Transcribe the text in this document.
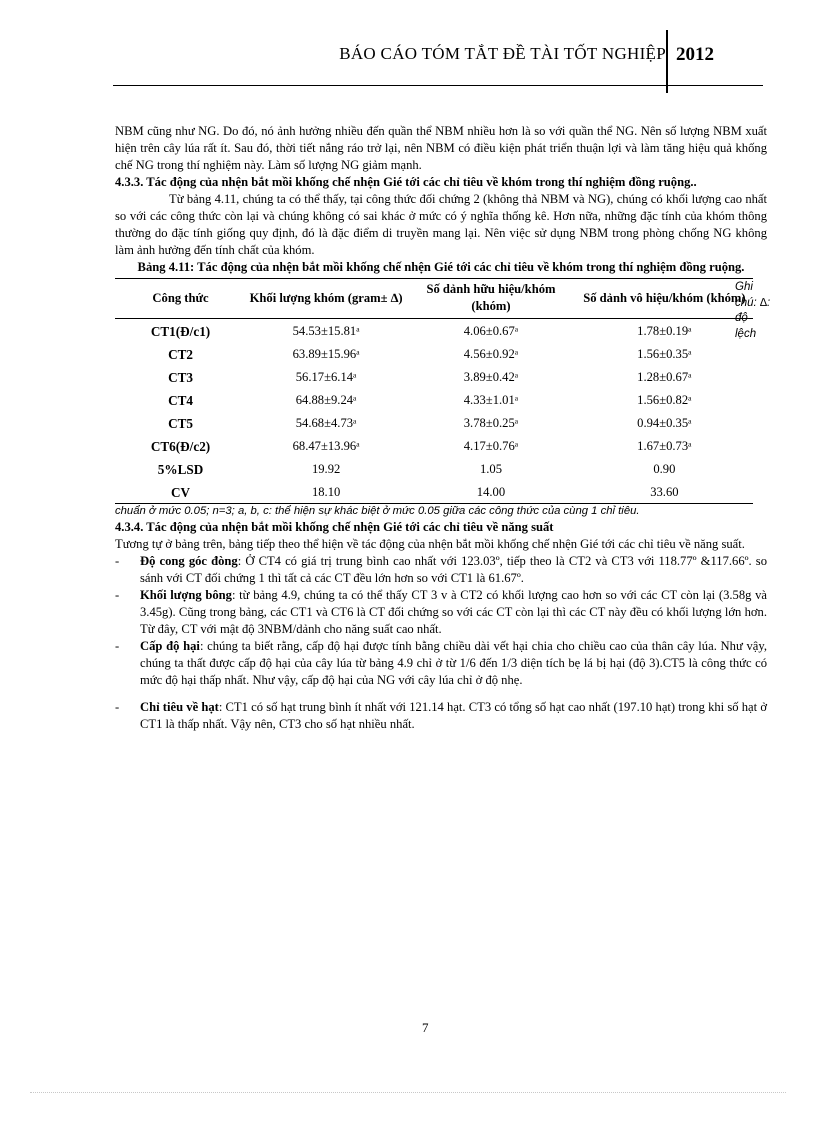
BÁO CÁO TÓM TẮT ĐỀ TÀI TỐT NGHIỆP 2012

NBM cũng như NG. Do đó, nó ảnh hưởng nhiều đến quần thể NBM nhiều hơn là so với quần thể NG. Nên số lượng NBM xuất hiện trên cây lúa rất ít. Sau đó, thời tiết nắng ráo trở lại, nên NBM có điều kiện phát triển thuận lợi và làm tăng hiệu quả khống chế NG trong thí nghiệm này. Làm số lượng NG giảm mạnh.

4.3.3. Tác động của nhện bắt mồi khống chế nhện Gié tới các chỉ tiêu về khóm trong thí nghiệm đồng ruộng..

Từ bảng 4.11, chúng ta có thể thấy, tại công thức đối chứng 2 (không thả NBM và NG), chúng có khối lượng cao nhất so với các công thức còn lại và chúng không có sai khác ở mức có ý nghĩa thống kê. Hơn nữa, những đặc tính của khóm thông thường do đặc tính giống quy định, đó là đặc điểm di truyền mang lại. Nên việc sử dụng NBM trong phòng chống NG không làm ảnh hưởng đến tính chất của khóm.

Bảng 4.11: Tác động của nhện bắt mồi khống chế nhện Gié tới các chỉ tiêu về khóm trong thí nghiệm đồng ruộng.

Công thức	Khối lượng khóm (gram± ∆)	Số dảnh hữu hiệu/khóm (khóm)	Số dảnh vô hiệu/khóm (khóm)
CT1(Đ/c1)	54.53±15.81ᵃ	4.06±0.67ᵃ	1.78±0.19ᵃ
CT2	63.89±15.96ᵃ	4.56±0.92ᵃ	1.56±0.35ᵃ
CT3	56.17±6.14ᵃ	3.89±0.42ᵃ	1.28±0.67ᵃ
CT4	64.88±9.24ᵃ	4.33±1.01ᵃ	1.56±0.82ᵃ
CT5	54.68±4.73ᵃ	3.78±0.25ᵃ	0.94±0.35ᵃ
CT6(Đ/c2)	68.47±13.96ᵃ	4.17±0.76ᵃ	1.67±0.73ᵃ
5%LSD	19.92	1.05	0.90
CV	18.10	14.00	33.60
Ghi chú: ∆: độ lệch

chuẩn ở mức 0.05; n=3; a, b, c: thể hiện sự khác biệt ở mức 0.05 giữa các công thức của cùng 1 chỉ tiêu.

4.3.4. Tác động của nhện bắt mồi khống chế nhện Gié tới các chỉ tiêu về năng suất

Tương tự ở bảng trên, bảng tiếp theo thể hiện về tác động của nhện bắt mồi khống chế nhện Gié tới các chỉ tiêu về năng suất.

- Độ cong góc đòng: Ở CT4 có giá trị trung bình cao nhất với 123.03º, tiếp theo là CT2 và CT3 với 118.77º &117.66º. so sánh với CT đối chứng 1 thì tất cả các CT đều lớn hơn so với CT1 là 61.67º.
- Khối lượng bông: từ bảng 4.9, chúng ta có thể thấy CT 3 v à CT2 có khối lượng cao hơn so với các CT còn lại (3.58g và 3.45g). Cũng trong bảng, các CT1 và CT6 là CT đối chứng so với các CT còn lại thì các CT này đều có khối lượng lớn hơn. Từ đây, CT với mật độ 3NBM/dảnh cho năng suất cao nhất.
- Cấp độ hại: chúng ta biết rằng, cấp độ hại được tính bằng chiều dài vết hại chia cho chiều cao của thân cây lúa. Như vậy, chúng ta thất được cấp độ hại của cây lúa từ bảng 4.9 chỉ ở từ 1/6 đến 1/3 diện tích bẹ lá bị hại (độ 3).CT5 là công thức có mức độ hại thấp nhất. Như vậy, cấp độ hại của NG với cây lúa chỉ ở độ nhẹ.
- Chỉ tiêu về hạt: CT1 có số hạt trung bình ít nhất với 121.14 hạt. CT3 có tổng số hạt cao nhất (197.10 hạt) trong khi số hạt ở CT1 là thấp nhất. Vậy nên, CT3 cho số hạt nhiều nhất.
7
